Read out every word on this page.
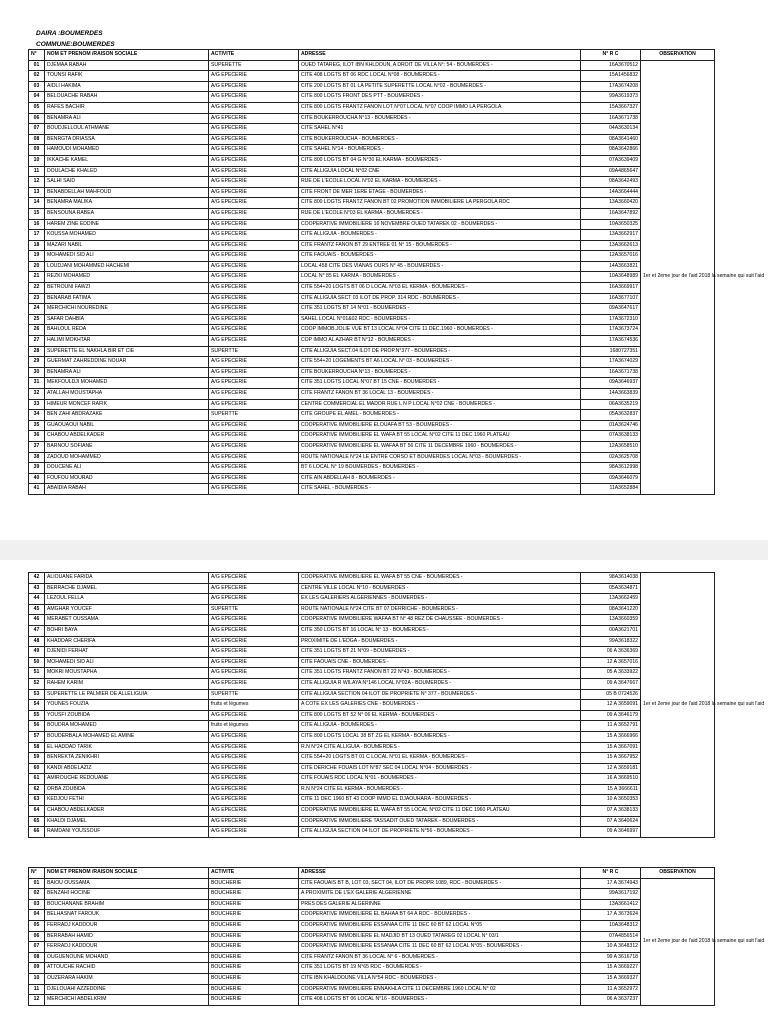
DAIRA :BOUMERDES
COMMUNE:BOUMERDES
N°	NOM ET PRENOM /RAISON SOCIALE	ACTIVITE	ADRESSE	N° R C	OBSERVATION
01	DJEMAA RABAH	SUPERETTE	OUED TATAREG, ILOT IBN KHLDOUN, A DROIT DE VILLA N°: 54 - BOUMERDES -	16A3670512	1er et 2eme jour de l'aid 2018 la semaine qui suit l'aid
02	TOUNSI RAFIK	A/G EPECERIE	CITE 408 LOGTS BT 06 RDC LOCAL N°08 - BOUMERDES -	15A1456832	
03	AIDLI HAKIMA	A/G EPECERIE	CITE 200 LOGTS BT 01 LA PETITE SUPERETTE LOCAL N°02 - BOUMERDES -	17A3674208	
04	BELOUACHE RABAH	A/G EPECERIE	CITE 800 LOGTS FRONT DES PTT - BOUMERDES -	99A3619373	
05	RAFES BACHIR	A/G EPECERIE	CITE 800 LOGTS FRANTZ FANON LOT N°07 LOCAL N°07 COOP IMMO LA PERGOLA	15A3667327	
06	BENAMRA ALI	A/G EPECERIE	CITE BOUKERROUCHA N°13 - BOUMERDES -	16A3671738	
07	BOUDJELLOUL ATHMANE	A/G EPECERIE	CITE SAHEL N°41	04A3630134	
08	BENRGTA DRIASSA	A/G EPECERIE	CITE BOUKERROUCHA - BOUMERDES -	08A3641460	
09	HAMOUDI MOHAMED	A/G EPECERIE	CITE SAHEL N°14 - BOUMERDES -	08A3642866	
10	IKKACHE KAMEL	A/G EPECERIE	CITE 800 LOGTS BT 04 G N°30 EL KARMA - BOUMERDES -	07A3639409	
11	DOULACHE KHALED	A/G EPECERIE	CITE ALLIGUIA LOCAL N°02 CNE	09A4865647	
12	SALHI SAID	A/G EPECERIE	RUE DE L'ECOLE LOCAL N°02 EL KARMA - BOUMERDES -	08A3642493	
13	BENABDELLAH MAHFOUD	A/G EPECERIE	CITE FRONT DE MER 1ERE ETAGE - BOUMERDES -	14A3664444	
14	BENAMRA MALIKA	A/G EPECERIE	CITE 800 LOGTS FRANTZ FANON BT 02 PROMOTION IMMOBILIERE LA PERGOLA RDC	13A3660420	
15	BENSOUNA RABEA	A/G EPECERIE	RUE DE L'ECOLE N°03 EL KARMA - BOUMERDES -	16A3647892	
16	HAREM ZINE EDDINE	A/G EPECERIE	COOPERATIVE IMMOBILIERE 16 NOVEMBRE OUED TATAREK 02 - BOUMERDES -	10A3650325	
17	KOUSSA MOHAMED	A/G EPECERIE	CITE ALLIGUIA - BOUMERDES -	13A3662917	
18	MAZARI NABIL	A/G EPECERIE	CITE FRANTZ FANON BT 29 ENTREE 01 N° 15 - BOUMERDES -	13A3662613	
19	MOHAMEDI SID ALI	A/G EPECERIE	CITE FAOUAIS - BOUMERDES -	12A3657016	
20	LOUDJANI MOHAMMED HACHEMI	A/G EPECERIE	LOCAL 458 CITE DES VIANAS OURS N° 45 - BOUMERDES -	14A3663821	
21	REZKI MOHAMED	A/G EPECERIE	LOCAL N° 85 EL KARMA - BOUMERDES -	10A3648989	
22	BETROUNI FAWZI	A/G EPECERIE	CITE 554+20 LOGTS BT 06 D LOCAL N°03 EL KERMA - BOUMERDES -	16A3669917	
23	BENARAB FATIMA	A/G EPECERIE	CITE ALLIGUIA SECT 03 ILOT DE PROP. 314 RDC - BOUMERDES -	16A3677107	
24	MERCHICHI NOUREDINE	A/G EPECERIE	CITE 351 LOGTS BT 14 N°01 - BOUMERDES -	09A3647617	
25	SAFAR DAHBIA	A/G EPECERIE	SAHEL LOCAL N°01&02 RDC - BOUMERDES -	17A3672310	
26	BAHLOUL REDA	A/G EPECERIE	COOP IMMOB.JOLIE VUE BT 13 LOCAL N°04 CITE 11 DEC.1960 - BOUMERDES -	17A3673724	
27	HALIMI MOKHTAR	A/G EPECERIE	COP IMMO AL AZHAR BT N°12 - BOUMERDES -	17A3674536	
28	SUPERETTE EL NAKHLA BIR ET CIE	SUPERTTE	CITE ALLIGUIA SECT.04 ILOT DE PROP.N°377 - BOUMERDES -	1680727351	
29	GUERMAT ZAHREDDINE NOUAR	A/G EPECERIE	CITE 554+20 LOGEMENTS BT A6 LOCAL N° 03 - BOUMERDES -	17A3674029	
30	BENAMRA ALI	A/G EPECERIE	CITE BOUKERROUCHA N°13 - BOUMERDES -	16A3671738	
31	MEKFOULDJI MOHAMED	A/G EPECERIE	CITE 351 LOGTS LOCAL N°07 BT 15 CNE - BOUMERDES -	09A3646937	
32	ATALLAH MOUSTAPHA	A/G EPECERIE	CITE FRANTZ FANON BT 36 LOCAL 13 - BOUMERDES -	14A3663839	
33	HIMEUR MONCEF RAFIK	A/G EPECERIE	CENTRE COMMERCIAL EL MADOR RUE L N P LOCAL N°02 CNE - BOUMERDES -	06A3635219	
34	BEN ZAHI ABDRAZAKE	SUPERTTE	CITE GROUPE EL AMEL - BOUMERDES -	05A3632837	
35	GUAOUAOUI NABIL	A/G EPECERIE	COOPERATIVE IMMOBILIERE ELOUAFA BT 53 - BOUMERDES -	01A3624746	
36	CHABOU ABDELKADER	A/G EPECERIE	COOPERATIVE IMMOBILIERE EL WAFA BT 55 LOCAL N°02 CITE 11 DEC 1960 PLATEAU	07A3638133	
37	BARNOU SOFIANE	A/G EPECERIE	COOPERATIVE IMMOBILIERE EL WAFAA BT 56 CITE 11 DECEMBRE 1960 - BOUMERDES -	12A3658510	
38	ZADOUD MOHAMMED	A/G EPECERIE	ROUTE NATIONALE N°24 LE ENTRE CORSO ET BOUMERDES LOCAL N°03 - BOUMERDES -	02A3625708	
39	DOUCENE ALI	A/G EPECERIE	BT 6 LOCAL N° 19 BOUMERDES - BOUMERDES -	98A3612998	
40	FOUFOU MOURAD	A/G EPECERIE	CITE AIN ABDELLAH 8 - BOUMERDES -	09A3646079	
41	ABAIDIA RABAH	A/G EPECERIE	CITE SAHEL - BOUMERDES -	11A3652884	
42	ALIOUANE FARIDA	A/G EPECERIE	COOPERATIVE IMMOBILIERE EL WAFA BT 55 CNE - BOUMERDES -	98A3614038	1er et 2eme jour de l'aid 2018 la semaine qui suit l'aid
43	BERRACHE DJAMEL	A/G EPECERIE	CENTRE VILLE LOCAL N°10 - BOUMERDES -	05A3634871	
44	LEZOUL FELLA	A/G EPECERIE	EX LES GALERIERS ALGERIENNES - BOUMERDES -	13A3662459	
45	AMGHAR YOUCEF	SUPERTTE	ROUTE NATIONALE N°24 CITE BT 07 DERRICHE - BOUMERDES -	08A3641220	
46	MERABET OUSSAMA	A/G EPECERIE	COOPERATIVE IMMOBILIERE WAFAA BT N° 48 REZ DE CHAUSSEE - BOUMERDES -	13A3660359	
47	BOHRI BAYA	A/G EPECERIE	CITE 350 LOGTS BT 16 LOCAL N° 13 - BOUMERDES -	00A3621701	
48	KHADDAR CHERIFA	A/G EPECERIE	PROXIMITE DE L'EDGA - BOUMERDES -	99A3618322	
49	DJENIDI FERHAT	A/G EPECERIE	CITE 351 LOGTS BT 21 N°09 - BOUMERDES -	06 A 3636369	
50	MOHAMEDI SID ALI	A/G EPECERIE	CITE FAOUAIS CNE - BOUMERDES -	12 A 3657016	
51	MOKRI MOUSTAPHA	A/G EPECERIE	CITE 351 LOGTS FRANTZ FANON BT 22 N°43 - BOUMERDES -	05 A 3633922	
52	RAHEM KARIM	A/G EPECERIE	CITE ALLIGUIA R WILAYA N°146 LOCAL N°02A - BOUMERDES -	09 A 3647667	
53	SUPERETTE LE PALMIER DE ALLELIGUIA	SUPERTTE	CITE ALLIGUIA SECTION 04 ILOT DE PROPRIETE N° 377 - BOUMERDES -	05 B 0724526	
54	YOUNES FOUZIA	fruits et légumes	A COTE EX LES GALERIES CNE - BOUMERDES -	12 A 3659091	
55	YOUSFI ZOUBIDA	A/G EPECERIE	CITE 800 LOGTS BT 52 N° 06 EL KERMA - BOUMERDES -	09 A 3646179	
56	BOUDRA MOHAMED	fruits et légumes	CITE ALLIGUIA - BOUMERDES -	11 A 3652791	
57	BOUDERBALA MOHAMED EL AMINE	A/G EPECERIE	CITE 800 LOGTS LOCAL 38 BT ZG EL KERMA - BOUMERDES -	15 A 3666966	
58	EL HADDAD TARIK	A/G EPECERIE	R.N N°24 CITE ALLIGUIA - BOUMERDES -	15 A 3667091	
59	BENREKTA ZENIKHRI	A/G EPECERIE	CITE 554+20 LOGTS BT 01 C LOCAL N°01 EL KERMA - BOUMERDES -	15 A 3667952	
60	KANDI ABDELAZIZ	A/G EPECERIE	CITE DERICHE FOUAIS LOT N°87 SEC 04 LOCAL N°04 - BOUMERDES -	12 A 3659181	
61	AMIROUCHE REDOUANE	A/G EPECERIE	CITE FOUAIS RDC LOCAL N°01 - BOUMERDES -	16 A 3669510	
62	ORBA ZOUBIDA	A/G EPECERIE	R.N N°24 CITE EL KERMA - BOUMERDES -	15 A 3666611	
63	KEDJOU FETHI	A/G EPECERIE	CITE 11 DEC 1960 BT 43 COOP IMMO EL DJAOUHARA - BOUMERDES -	10 A 3650353	
64	CHABOU ABDELKADER	A/G EPECERIE	COOPERATIVE IMMOBILIERE EL WAFA BT 55 LOCAL N°02 CITE 11 DEC 1960 PLATEAU	07 A 3638133	
65	KHALDI DJAMEL	A/G EPECERIE	COOPERATIVE IMMOBILIERE TASSADIT OUED TATAREK - BOUMERDES -	07 A 3640624	
66	RAMDANI YOUSSOUF	A/G EPECERIE	CITE ALLIGUIA SECTION 04 ILOT DE PROPRIETE N°56 - BOUMERDES -	09 A 3646997	
N°	NOM ET PRENOM /RAISON SOCIALE	ACTIVITE	ADRESSE	N° R C	OBSERVATION
01	BAIOU OUSSAMA	BOUCHERIE	CITE FAOUAIS BT B, LOT 03, SECT 04, ILOT DE PROPR 1089, RDC - BOUMERDES -	17 A 3674943	1er et 2eme jour de l'aid 2018 la semaine qui suit l'aid
02	BENZAHI HOCINE	BOUCHERIE	A PROXIMITE DE L'EX GALERIE ALGERIENNE	99A3617192	
03	BOUCHANANE BRAHIM	BOUCHERIE	PRES DES GALERIE ALGERINNE	13A3661412	
04	BELHASNAT FAROUK	BOUCHERIE	COOPERATIVE IMMOBILIERE EL BAHAA BT 64 A RDC - BOUMERDES -	17 A 3673624	
05	FERRADJ KADDOUR	BOUCHERIE	COOPERATIVE IMMOBILIERE ESSANAA CITE 11 DEC 60 BT 62 LOCAL N°05	10A3648312	
06	BERRABAH HAMID	BOUCHERIE	COOPERATIVE IMMOBILIERE EL MADJID BT 13 OUED TATAREG 02 LOCAL N° 03/1	07A4856514	
07	FERRADJ KADDOUR	BOUCHERIE	COOPERATIVE IMMOBILIERE ESSANAA CITE 11 DEC 60 BT 62 LOCAL N°05 - BOUMERDES -	10 A 3648312	
08	OUGUENOUNE MOHAND	BOUCHERIE	CITE FRANTZ FANON BT 36 LOCAL N° 6 - BOUMERDES -	99 A 3616718	
09	ATTOUCHE RACHID	BOUCHERIE	CITE 351 LOGTS BT 19 N°65 RDC - BOUMERDES -	15 A 3669227	
10	OUZERARA HAKIM	BOUCHERIE	CITE IBN KHALDOUNE VILLA N°54 RDC - BOUMERDES -	15 A 3669327	
11	DJELOUAHI AZZEDDINE	BOUCHERIE	COOPERATIVE IMMOBILIERE ENNAKHLA CITE 11 DECEMBRE 1960 LOCAL N° 02	11 A 3652972	
12	MERCHICHI ABDELKRIM	BOUCHERIE	CITE 408 LOGTS BT 06 LOCAL N°16 - BOUMERDES -	06 A 3637237	
